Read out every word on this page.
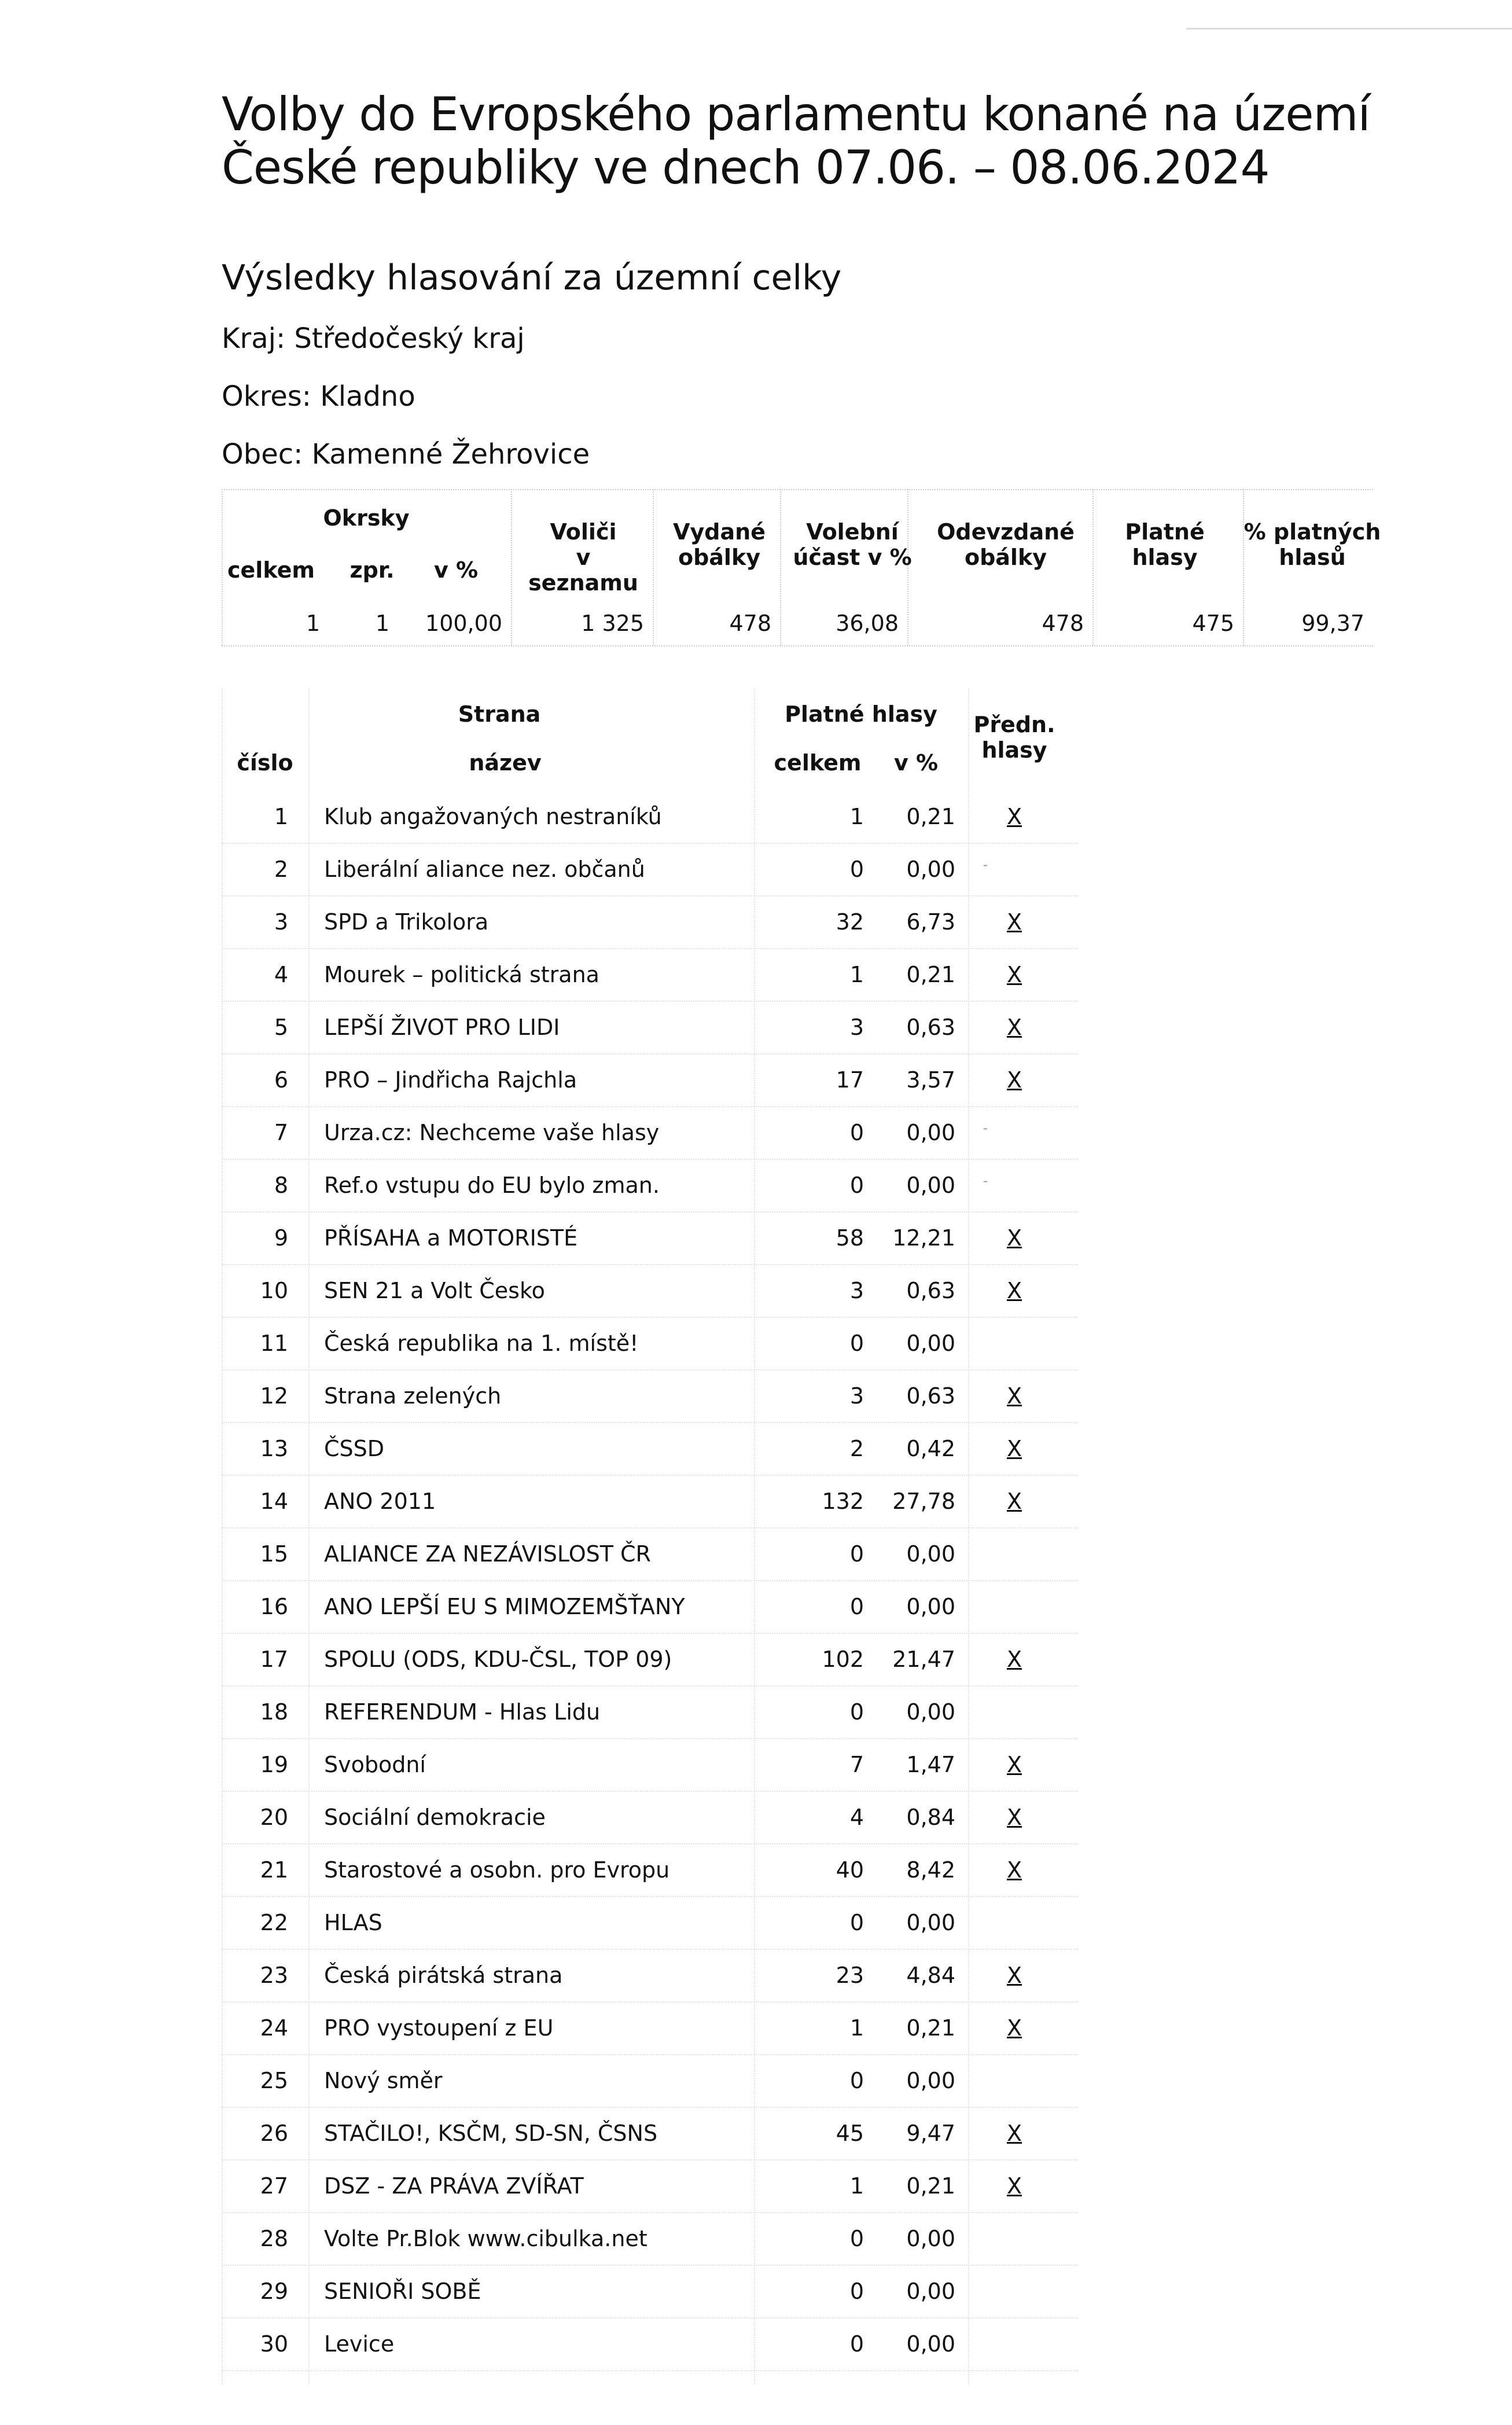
Volby do Evropského parlamentu konané na území
České republiky ve dnech 07.06. – 08.06.2024
Výsledky hlasování za územní celky
Kraj: Středočeský kraj
Okres: Kladno
Obec: Kamenné Žehrovice
Okrsky
celkem	zpr.	v %
Voliči
v seznamu
Vydané
obálky
Volební
účast v %
Odevzdané
obálky
Platné
hlasy
% platných
hlasů
1	1	100,00	1 325	478	36,08	478	475	99,37
Strana
číslo	název
Platné hlasy
celkem	v %
Předn.
hlasy
1 Klub angažovaných nestraníků	1	0,21	X
2 Liberální aliance nez. občanů	0	0,00	-
3 SPD a Trikolora	32	6,73	X
4 Mourek – politická strana	1	0,21	X
5 LEPŠÍ ŽIVOT PRO LIDI	3	0,63	X
6 PRO – Jindřicha Rajchla	17	3,57	X
7 Urza.cz: Nechceme vaše hlasy	0	0,00	-
8 Ref.o vstupu do EU bylo zman.	0	0,00	-
9 PŘÍSAHA a MOTORISTÉ	58	12,21	X
10 SEN 21 a Volt Česko	3	0,63	X
11 Česká republika na 1. místě!	0	0,00
12 Strana zelených	3	0,63	X
13 ČSSD	2	0,42	X
14 ANO 2011	132	27,78	X
15 ALIANCE ZA NEZÁVISLOST ČR	0	0,00
16 ANO LEPŠÍ EU S MIMOZEMŠŤANY	0	0,00
17 SPOLU (ODS, KDU-ČSL, TOP 09)	102	21,47	X
18 REFERENDUM - Hlas Lidu	0	0,00
19 Svobodní	7	1,47	X
20 Sociální demokracie	4	0,84	X
21 Starostové a osobn. pro Evropu	40	8,42	X
22 HLAS	0	0,00
23 Česká pirátská strana	23	4,84	X
24 PRO vystoupení z EU	1	0,21	X
25 Nový směr	0	0,00
26 STAČILO!, KSČM, SD-SN, ČSNS	45	9,47	X
27 DSZ - ZA PRÁVA ZVÍŘAT	1	0,21	X
28 Volte Pr.Blok www.cibulka.net	0	0,00
29 SENIOŘI SOBĚ	0	0,00
30 Levice	0	0,00
